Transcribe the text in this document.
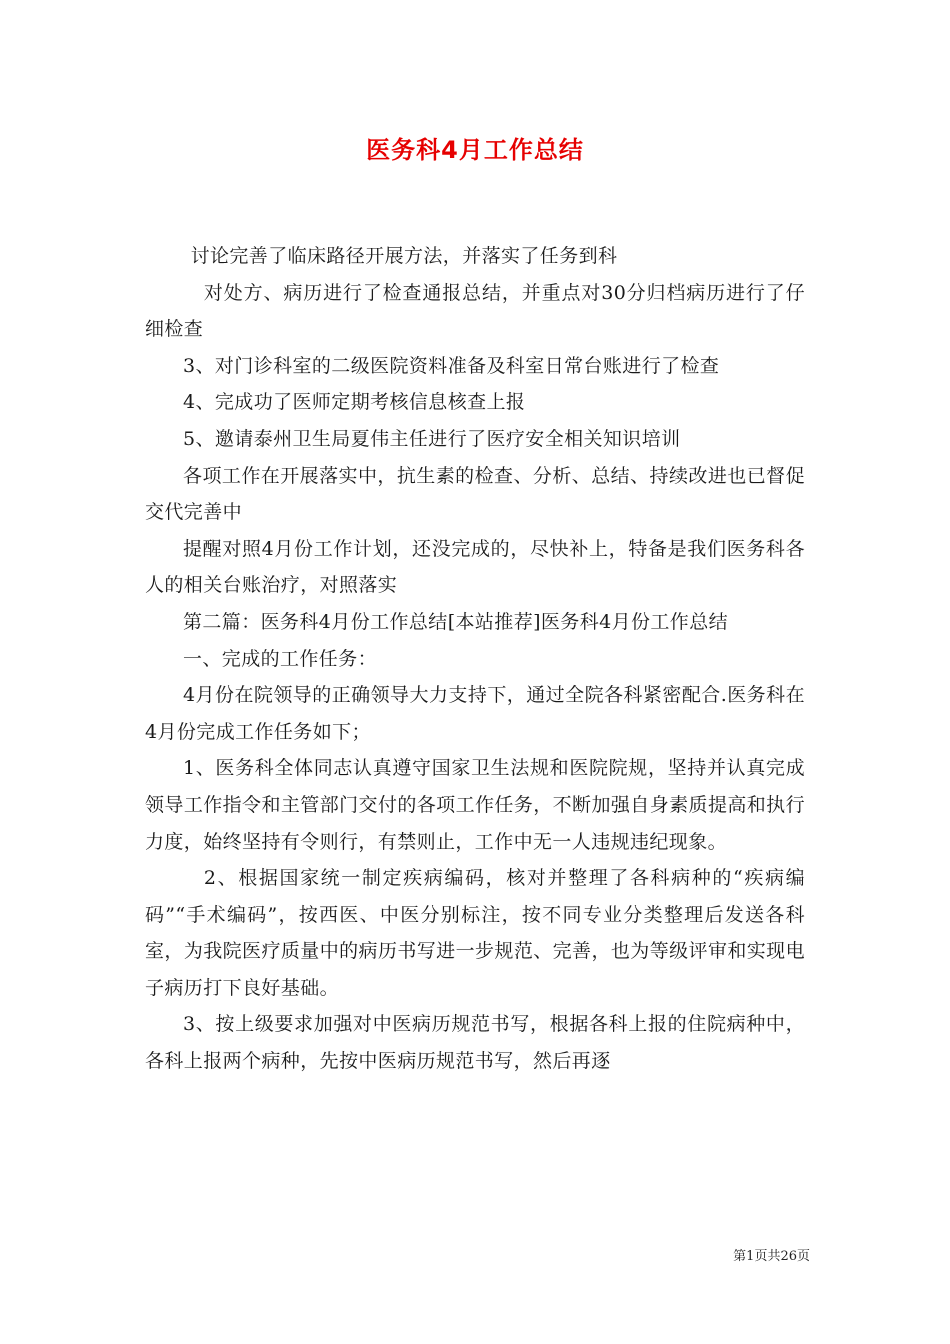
医务科4月工作总结

讨论完善了临床路径开展方法，并落实了任务到科

对处方、病历进行了检查通报总结，并重点对30分归档病历进行了仔细检查

3、对门诊科室的二级医院资料准备及科室日常台账进行了检查

4、完成功了医师定期考核信息核查上报

5、邀请泰州卫生局夏伟主任进行了医疗安全相关知识培训

各项工作在开展落实中，抗生素的检查、分析、总结、持续改进也已督促交代完善中

提醒对照4月份工作计划，还没完成的，尽快补上，特备是我们医务科各人的相关台账治疗，对照落实

第二篇：医务科4月份工作总结[本站推荐]医务科4月份工作总结

一、完成的工作任务：

4月份在院领导的正确领导大力支持下，通过全院各科紧密配合.医务科在4月份完成工作任务如下；

1、医务科全体同志认真遵守国家卫生法规和医院院规，坚持并认真完成领导工作指令和主管部门交付的各项工作任务，不断加强自身素质提高和执行力度，始终坚持有令则行，有禁则止，工作中无一人违规违纪现象。

2、根据国家统一制定疾病编码，核对并整理了各科病种的“疾病编码”“手术编码”，按西医、中医分别标注，按不同专业分类整理后发送各科室，为我院医疗质量中的病历书写进一步规范、完善，也为等级评审和实现电子病历打下良好基础。

3、按上级要求加强对中医病历规范书写，根据各科上报的住院病种中，各科上报两个病种，先按中医病历规范书写，然后再逐

第1页共26页
